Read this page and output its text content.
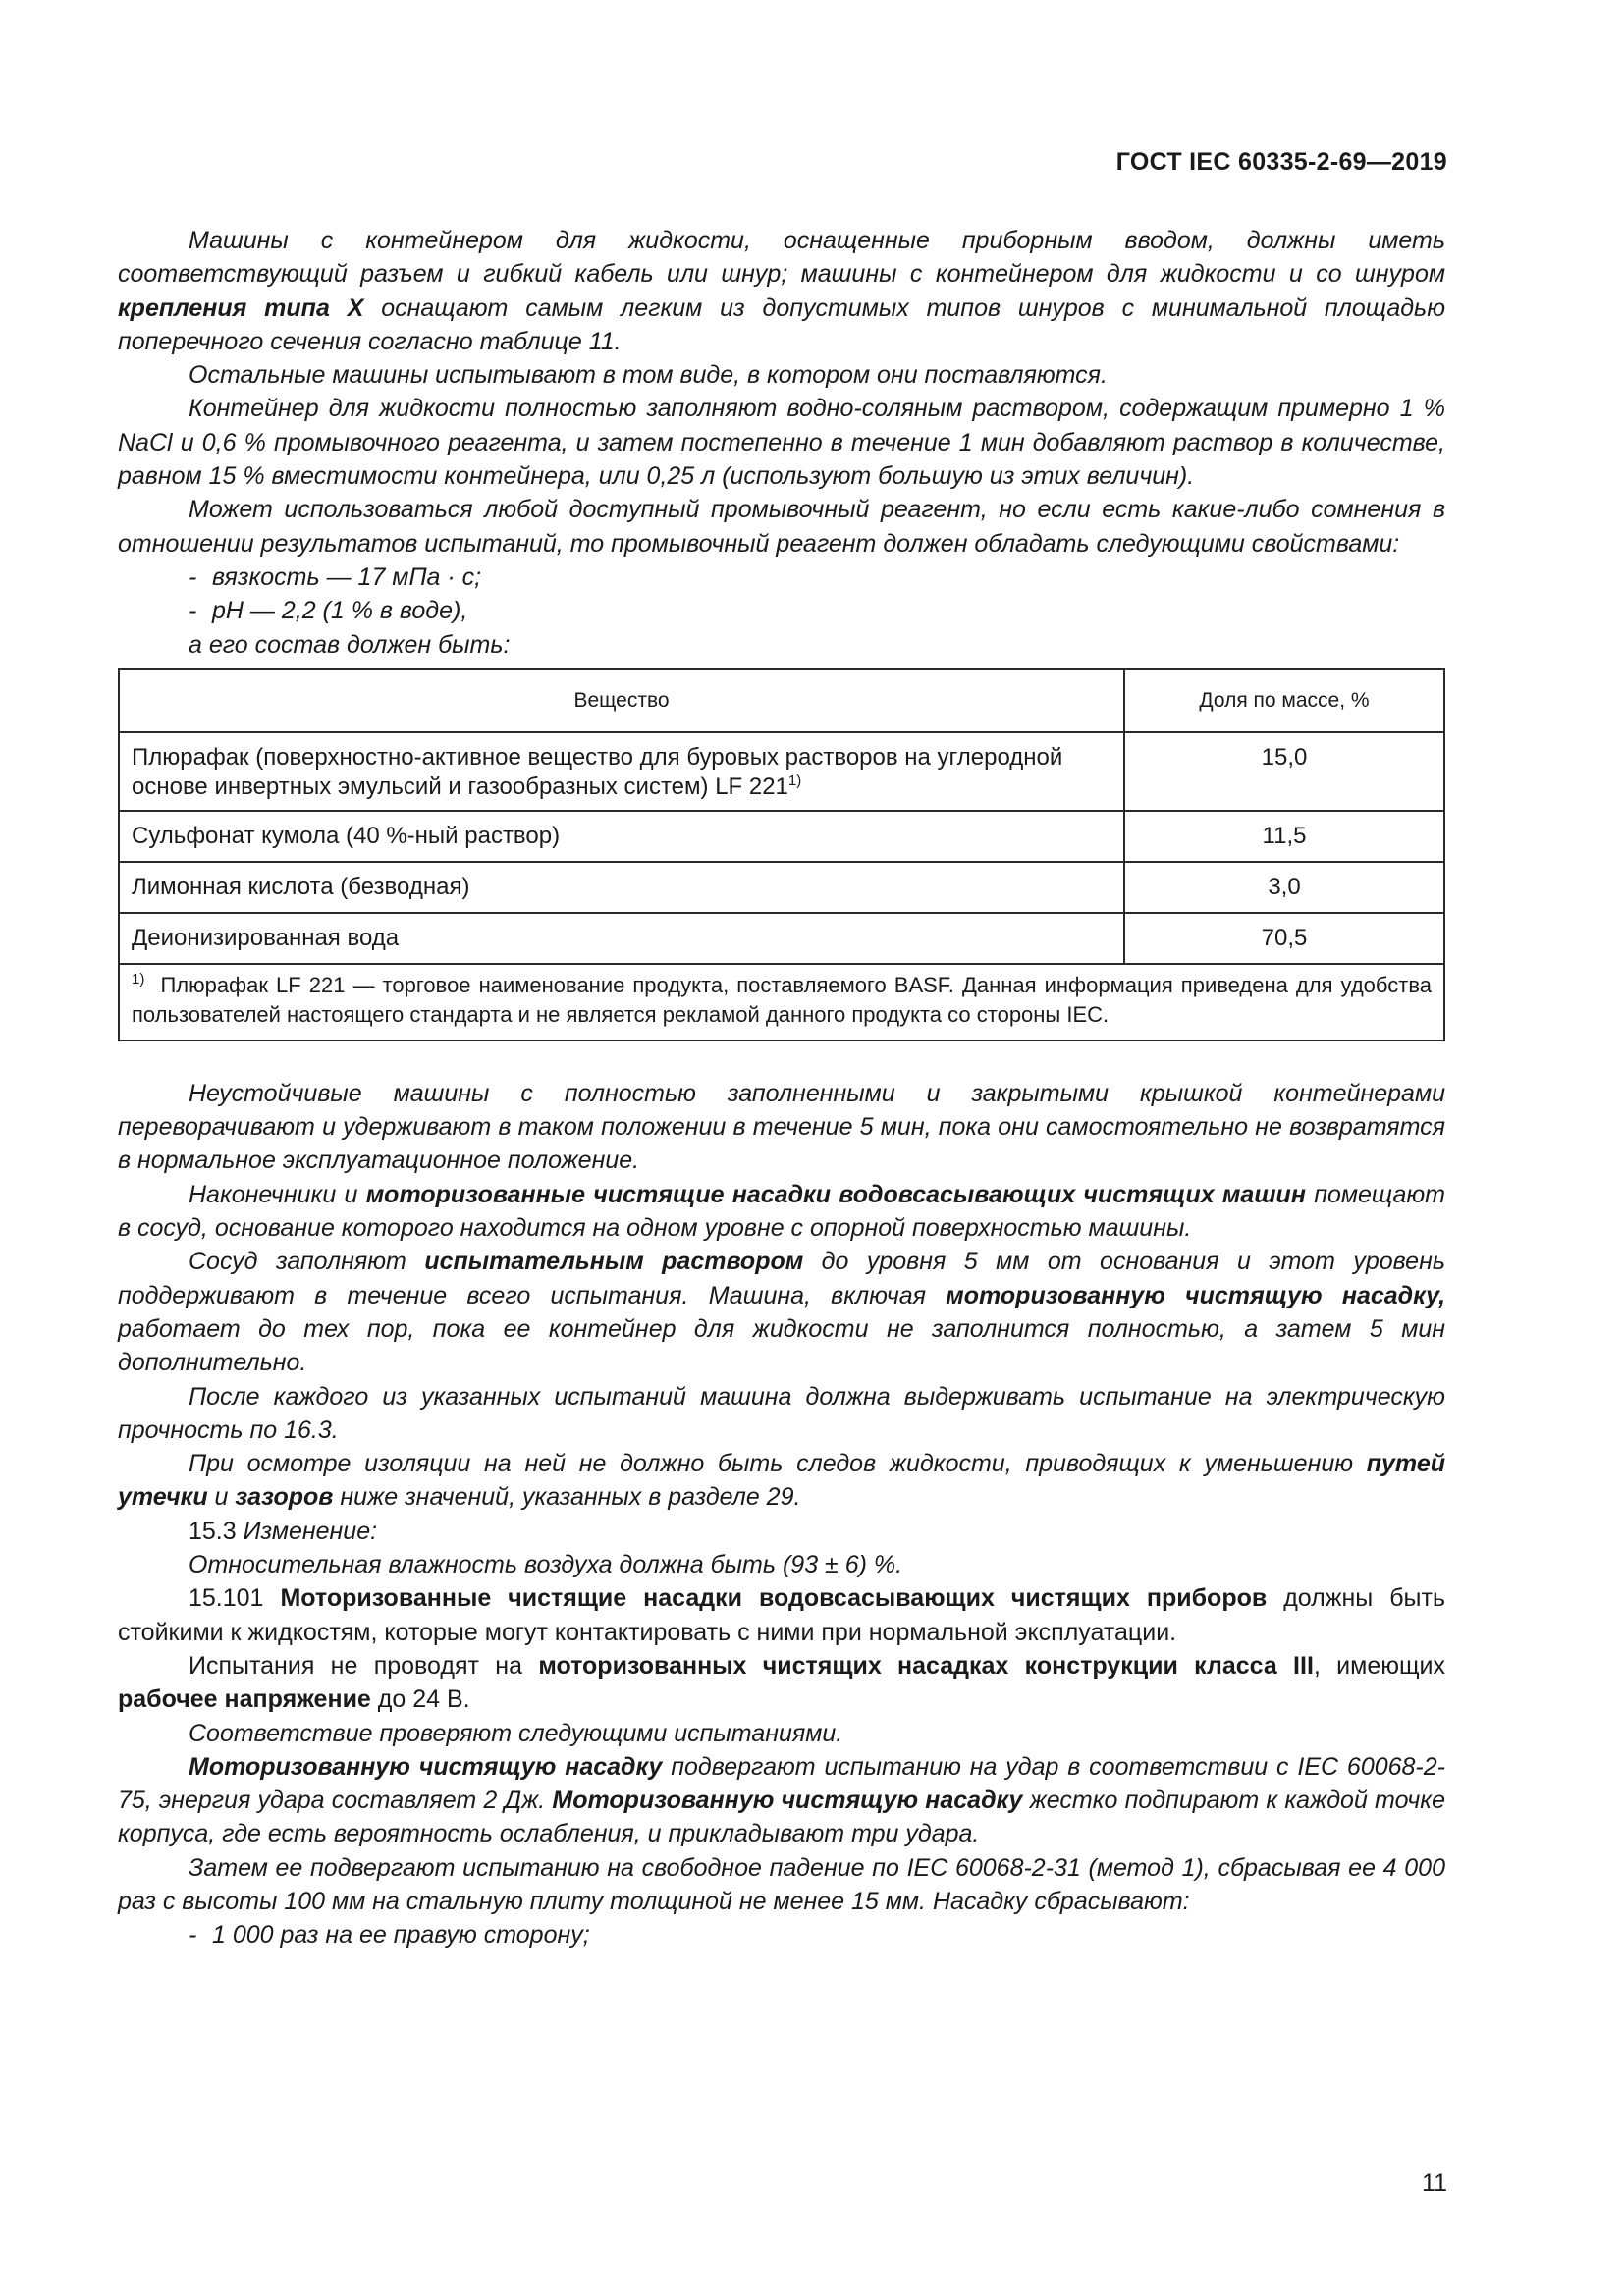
ГОСТ IEC 60335-2-69—2019

Машины с контейнером для жидкости, оснащенные приборным вводом, должны иметь соответствующий разъем и гибкий кабель или шнур; машины с контейнером для жидкости и со шнуром крепления типа X оснащают самым легким из допустимых типов шнуров с минимальной площадью поперечного сечения согласно таблице 11.

Остальные машины испытывают в том виде, в котором они поставляются.

Контейнер для жидкости полностью заполняют водно-соляным раствором, содержащим примерно 1 % NaCl и 0,6 % промывочного реагента, и затем постепенно в течение 1 мин добавляют раствор в количестве, равном 15 % вместимости контейнера, или 0,25 л (используют большую из этих величин).

Может использоваться любой доступный промывочный реагент, но если есть какие-либо сомнения в отношении результатов испытаний, то промывочный реагент должен обладать следующими свойствами:

- вязкость — 17 мПа · с;

- pH — 2,2 (1 % в воде),

а его состав должен быть:

Вещество	Доля по массе, %
Плюрафак (поверхностно-активное вещество для буровых растворов на углеродной основе инвертных эмульсий и газообразных систем) LF 221$^{1)}$	15,0
Сульфонат кумола (40 %-ный раствор)	11,5
Лимонная кислота (безводная)	3,0
Деионизированная вода	70,5
$^{1)}$ Плюрафак LF 221 — торговое наименование продукта, поставляемого BASF. Данная информация приведена для удобства пользователей настоящего стандарта и не является рекламой данного продукта со стороны IEC.	

Неустойчивые машины с полностью заполненными и закрытыми крышкой контейнерами переворачивают и удерживают в таком положении в течение 5 мин, пока они самостоятельно не возвратятся в нормальное эксплуатационное положение.

Наконечники и моторизованные чистящие насадки водовсасывающих чистящих машин помещают в сосуд, основание которого находится на одном уровне с опорной поверхностью машины.

Сосуд заполняют испытательным раствором до уровня 5 мм от основания и этот уровень поддерживают в течение всего испытания. Машина, включая моторизованную чистящую насадку, работает до тех пор, пока ее контейнер для жидкости не заполнится полностью, а затем 5 мин дополнительно.

После каждого из указанных испытаний машина должна выдерживать испытание на электрическую прочность по 16.3.

При осмотре изоляции на ней не должно быть следов жидкости, приводящих к уменьшению путей утечки и зазоров ниже значений, указанных в разделе 29.

15.3 Изменение:

Относительная влажность воздуха должна быть (93 ± 6) %.

15.101 Моторизованные чистящие насадки водовсасывающих чистящих приборов должны быть стойкими к жидкостям, которые могут контактировать с ними при нормальной эксплуатации.

Испытания не проводят на моторизованных чистящих насадках конструкции класса III, имеющих рабочее напряжение до 24 В.

Соответствие проверяют следующими испытаниями.

Моторизованную чистящую насадку подвергают испытанию на удар в соответствии с IEC 60068-2-75, энергия удара составляет 2 Дж. Моторизованную чистящую насадку жестко подпирают к каждой точке корпуса, где есть вероятность ослабления, и прикладывают три удара.

Затем ее подвергают испытанию на свободное падение по IEC 60068-2-31 (метод 1), сбрасывая ее 4 000 раз с высоты 100 мм на стальную плиту толщиной не менее 15 мм. Насадку сбрасывают:

- 1 000 раз на ее правую сторону;

11
